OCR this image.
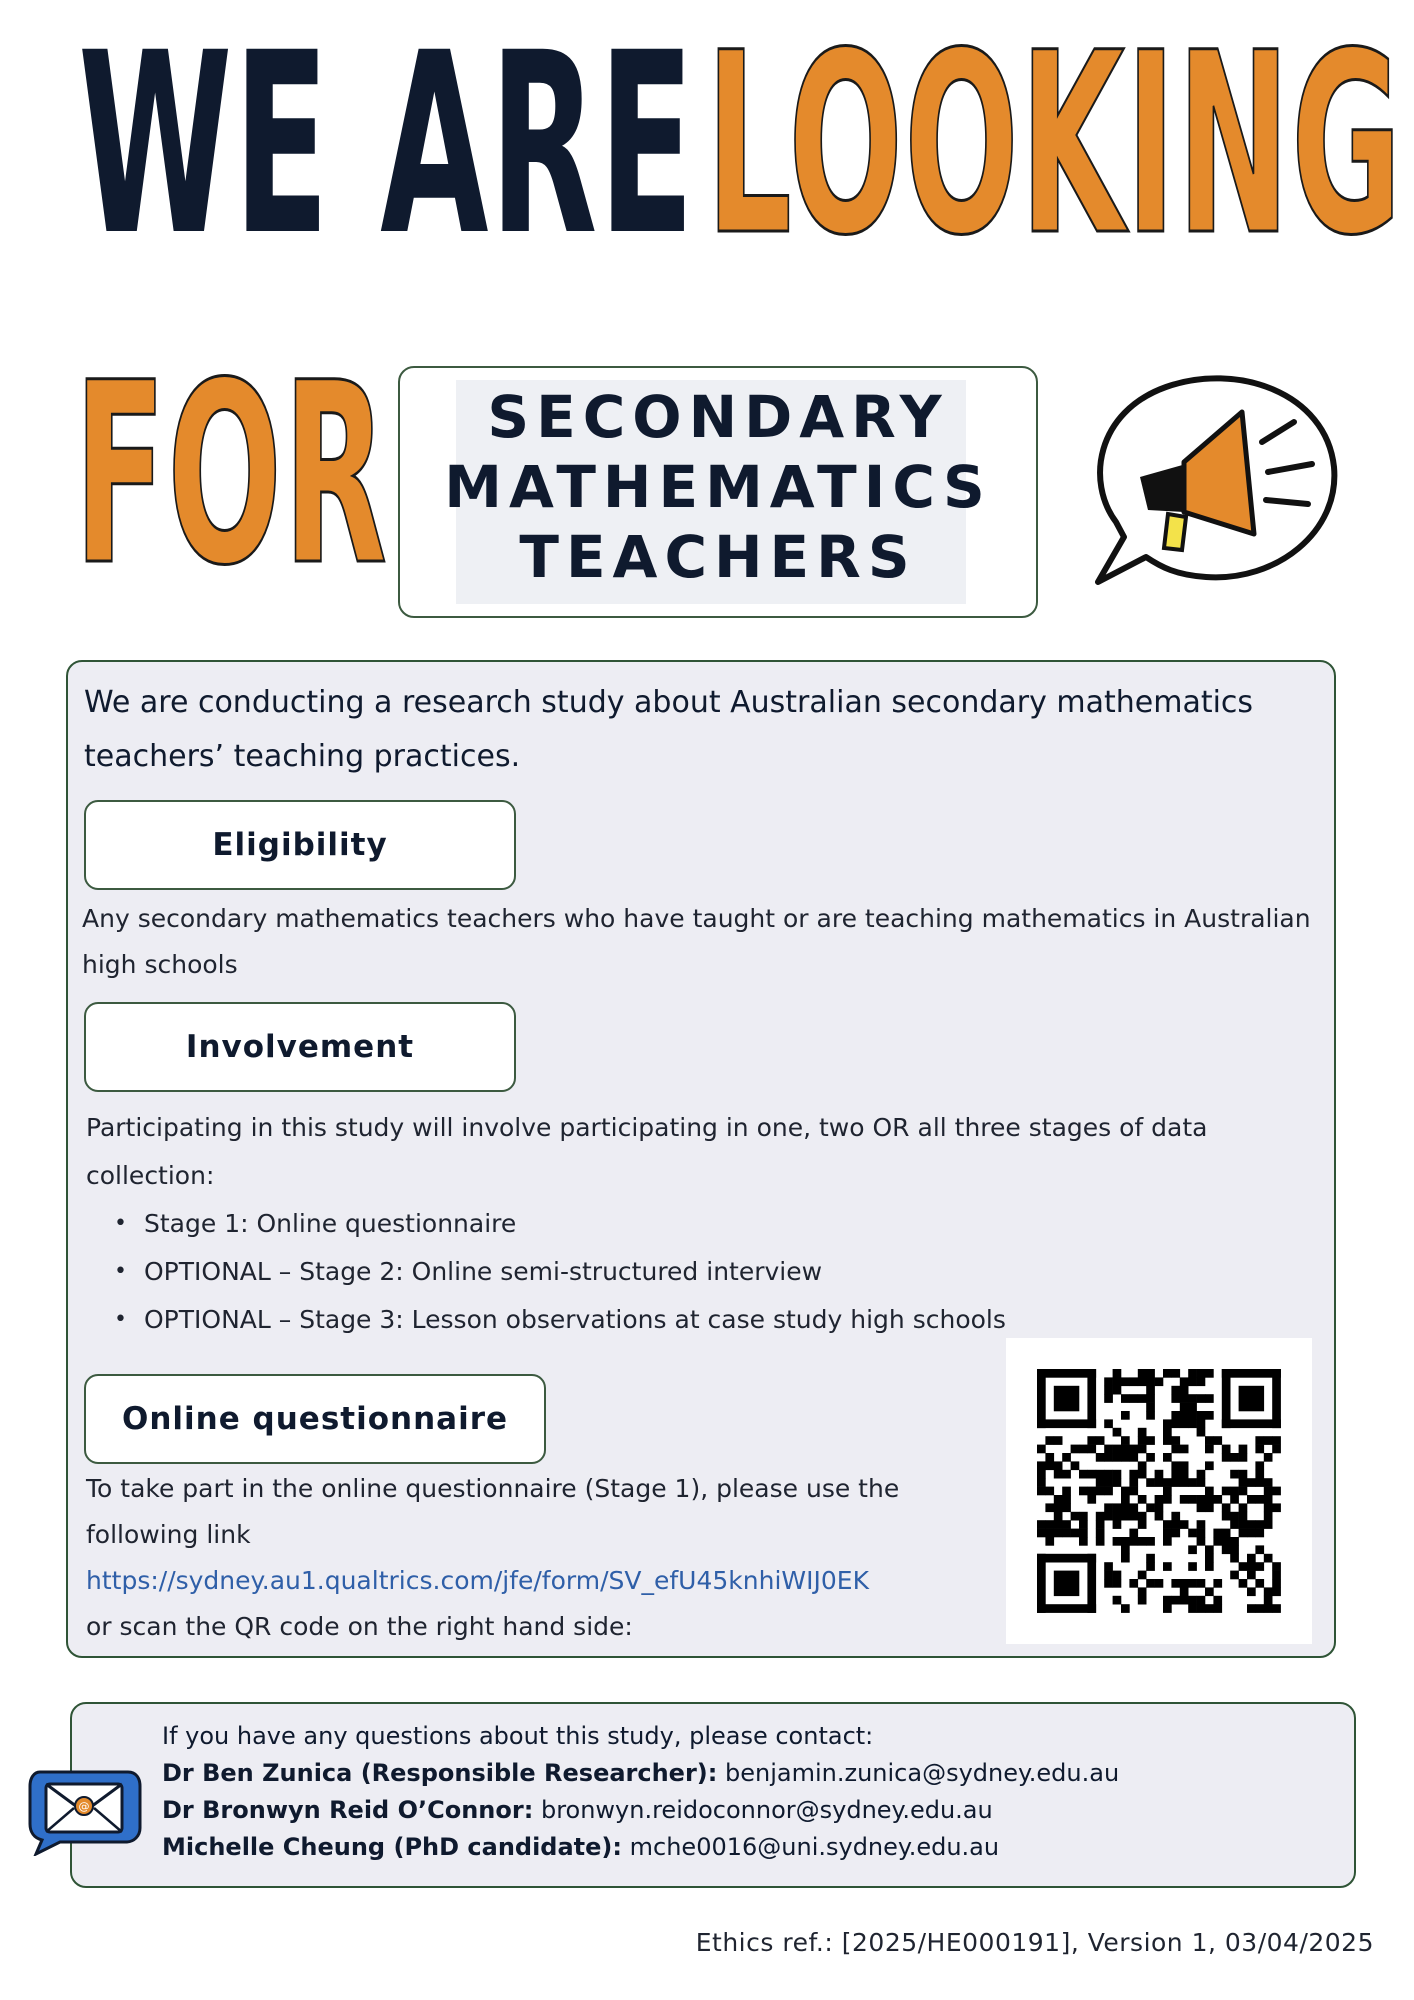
WE ARE LOOKING
FOR	SECONDARY
MATHEMATICS
TEACHERS
We are conducting a research study about Australian secondary mathematics teachers’ teaching practices.
Eligibility
Any secondary mathematics teachers who have taught or are teaching mathematics in Australian high schools
Involvement
Participating in this study will involve participating in one, two OR all three stages of data collection:
• Stage 1: Online questionnaire
• OPTIONAL – Stage 2: Online semi-structured interview
• OPTIONAL – Stage 3: Lesson observations at case study high schools
Online questionnaire
To take part in the online questionnaire (Stage 1), please use the following link
https://sydney.au1.qualtrics.com/jfe/form/SV_efU45knhiWIJ0EK
or scan the QR code on the right hand side:
If you have any questions about this study, please contact:
Dr Ben Zunica (Responsible Researcher): benjamin.zunica@sydney.edu.au
Dr Bronwyn Reid O’Connor: bronwyn.reidoconnor@sydney.edu.au
Michelle Cheung (PhD candidate): mche0016@uni.sydney.edu.au
@
Ethics ref.: [2025/HE000191], Version 1, 03/04/2025
